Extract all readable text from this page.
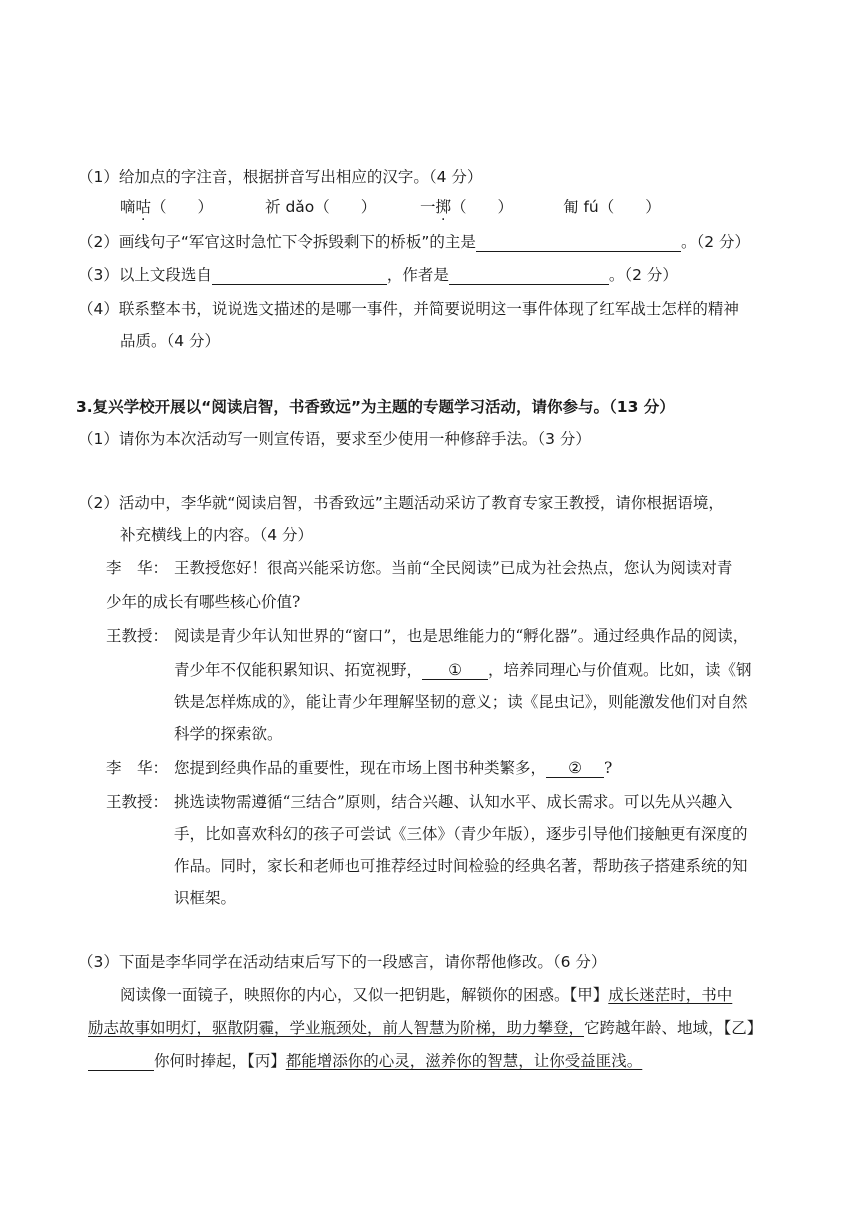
（1）给加点的字注音，根据拼音写出相应的汉字。（4 分）
嘀咕（　　）	祈 dǎo（　　）	一掷（　　）	匍 fú（　　）
（2）画线句子“军官这时急忙下令拆毁剩下的桥板”的主是	。（2 分）
（3）以上文段选自	，作者是	。（2 分）
（4）联系整本书，说说选文描述的是哪一事件，并简要说明这一事件体现了红军战士怎样的精神
品质。（4 分）
3.复兴学校开展以“阅读启智，书香致远”为主题的专题学习活动，请你参与。（13 分）
（1）请你为本次活动写一则宣传语，要求至少使用一种修辞手法。（3 分）
（2）活动中，李华就“阅读启智，书香致远”主题活动采访了教育专家王教授，请你根据语境，
补充横线上的内容。（4 分）
李　华： 王教授您好！很高兴能采访您。当前“全民阅读”已成为社会热点，您认为阅读对青
少年的成长有哪些核心价值?
王教授： 阅读是青少年认知世界的“窗口”，也是思维能力的“孵化器”。通过经典作品的阅读，
青少年不仅能积累知识、拓宽视野， ① ，培养同理心与价值观。比如，读《钢
铁是怎样炼成的》，能让青少年理解坚韧的意义；读《昆虫记》，则能激发他们对自然
科学的探索欲。
李　华： 您提到经典作品的重要性，现在市场上图书种类繁多， ② ?
王教授： 挑选读物需遵循“三结合”原则，结合兴趣、认知水平、成长需求。可以先从兴趣入
手，比如喜欢科幻的孩子可尝试《三体》（青少年版），逐步引导他们接触更有深度的
作品。同时，家长和老师也可推荐经过时间检验的经典名著，帮助孩子搭建系统的知
识框架。
（3）下面是李华同学在活动结束后写下的一段感言，请你帮他修改。（6 分）
阅读像一面镜子，映照你的内心，又似一把钥匙，解锁你的困惑。【甲】成长迷茫时，书中
励志故事如明灯，驱散阴霾，学业瓶颈处，前人智慧为阶梯，助力攀登，它跨越年龄、地域，【乙】
你何时捧起，【丙】都能增添你的心灵，滋养你的智慧，让你受益匪浅。
